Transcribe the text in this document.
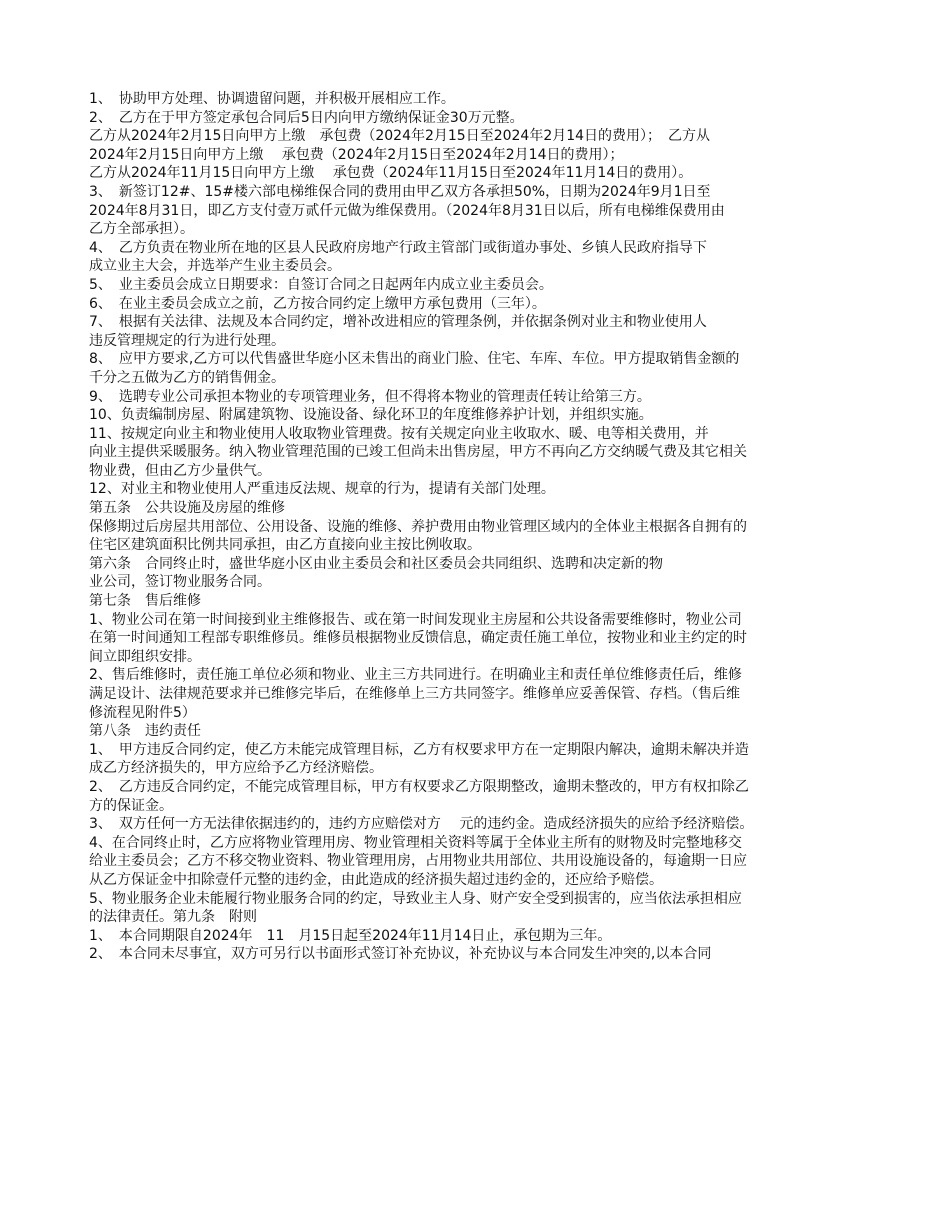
1、　协助甲方处理、协调遗留问题，并积极开展相应工作。
2、　乙方在于甲方签定承包合同后5日内向甲方缴纳保证金30万元整。
乙方从2024年2月15日向甲方上缴　承包费（2024年2月15日至2024年2月14日的费用）；　乙方从
2024年2月15日向甲方上缴　 承包费（2024年2月15日至2024年2月14日的费用）；
乙方从2024年11月15日向甲方上缴　 承包费（2024年11月15日至2024年11月14日的费用）。
3、　新签订12#、15#楼六部电梯维保合同的费用由甲乙双方各承担50%，日期为2024年9月1日至
2024年8月31日，即乙方支付壹万贰仟元做为维保费用。（2024年8月31日以后，所有电梯维保费用由
乙方全部承担）。
4、　乙方负责在物业所在地的区县人民政府房地产行政主管部门或街道办事处、乡镇人民政府指导下
成立业主大会，并选举产生业主委员会。
5、　业主委员会成立日期要求：自签订合同之日起两年内成立业主委员会。
6、　在业主委员会成立之前，乙方按合同约定上缴甲方承包费用（三年）。
7、　根据有关法律、法规及本合同约定，增补改进相应的管理条例，并依据条例对业主和物业使用人
违反管理规定的行为进行处理。
8、　应甲方要求,乙方可以代售盛世华庭小区未售出的商业门脸、住宅、车库、车位。甲方提取销售金额的
千分之五做为乙方的销售佣金。
9、　选聘专业公司承担本物业的专项管理业务，但不得将本物业的管理责任转让给第三方。
10、负责编制房屋、附属建筑物、设施设备、绿化环卫的年度维修养护计划，并组织实施。
11、按规定向业主和物业使用人收取物业管理费。按有关规定向业主收取水、暖、电等相关费用，并
向业主提供采暖服务。纳入物业管理范围的已竣工但尚未出售房屋，甲方不再向乙方交纳暖气费及其它相关
物业费，但由乙方少量供气。
12、对业主和物业使用人严重违反法规、规章的行为，提请有关部门处理。
第五条　公共设施及房屋的维修
保修期过后房屋共用部位、公用设备、设施的维修、养护费用由物业管理区域内的全体业主根据各自拥有的
住宅区建筑面积比例共同承担，由乙方直接向业主按比例收取。
第六条　合同终止时，盛世华庭小区由业主委员会和社区委员会共同组织、选聘和决定新的物
业公司，签订物业服务合同。
第七条　售后维修
1、物业公司在第一时间接到业主维修报告、或在第一时间发现业主房屋和公共设备需要维修时，物业公司
在第一时间通知工程部专职维修员。维修员根据物业反馈信息，确定责任施工单位，按物业和业主约定的时
间立即组织安排。
2、售后维修时，责任施工单位必须和物业、业主三方共同进行。在明确业主和责任单位维修责任后，维修
满足设计、法律规范要求并已维修完毕后，在维修单上三方共同签字。维修单应妥善保管、存档。（售后维
修流程见附件5）
第八条　违约责任
1、　甲方违反合同约定，使乙方未能完成管理目标，乙方有权要求甲方在一定期限内解决，逾期未解决并造
成乙方经济损失的，甲方应给予乙方经济赔偿。
2、　乙方违反合同约定，不能完成管理目标，甲方有权要求乙方限期整改，逾期未整改的，甲方有权扣除乙
方的保证金。
3、　双方任何一方无法律依据违约的，违约方应赔偿对方　 元的违约金。造成经济损失的应给予经济赔偿。
4、在合同终止时，乙方应将物业管理用房、物业管理相关资料等属于全体业主所有的财物及时完整地移交
给业主委员会；乙方不移交物业资料、物业管理用房，占用物业共用部位、共用设施设备的，每逾期一日应
从乙方保证金中扣除壹仟元整的违约金，由此造成的经济损失超过违约金的，还应给予赔偿。
5、物业服务企业未能履行物业服务合同的约定，导致业主人身、财产安全受到损害的，应当依法承担相应
的法律责任。第九条　附则
1、　本合同期限自2024年　11　月15日起至2024年11月14日止，承包期为三年。
2、　本合同未尽事宜，双方可另行以书面形式签订补充协议，补充协议与本合同发生冲突的,以本合同
